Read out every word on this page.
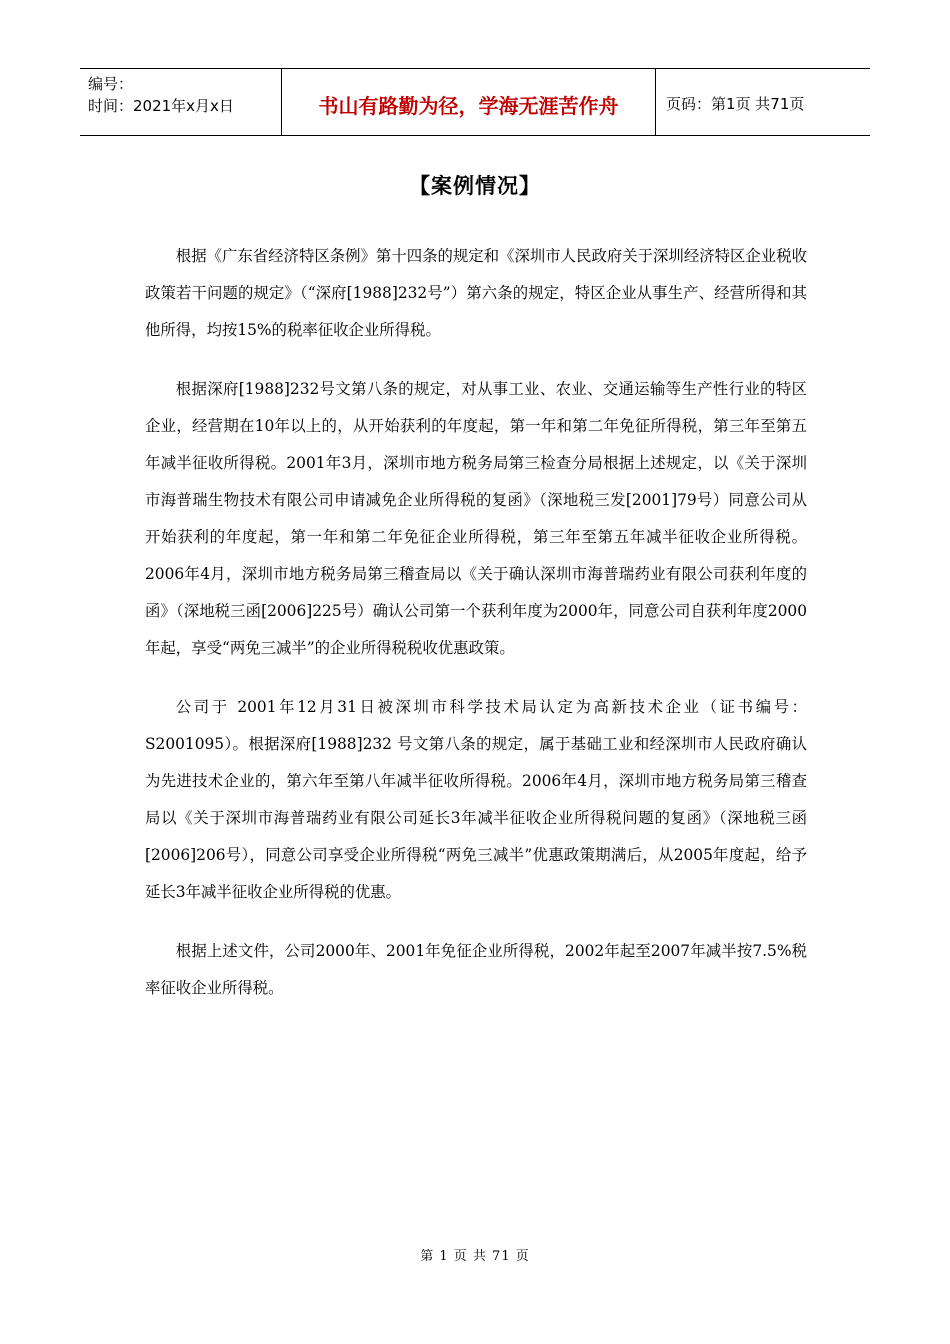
编号：
时间：2021年x月x日	书山有路勤为径，学海无涯苦作舟	页码：第1页 共71页
【案例情况】

根据《广东省经济特区条例》第十四条的规定和《深圳市人民政府关于深圳经济特区企业税收政策若干问题的规定》（“深府[1988]232号”）第六条的规定，特区企业从事生产、经营所得和其他所得，均按15%的税率征收企业所得税。

根据深府[1988]232号文第八条的规定，对从事工业、农业、交通运输等生产性行业的特区企业，经营期在10年以上的，从开始获利的年度起，第一年和第二年免征所得税，第三年至第五年减半征收所得税。2001年3月，深圳市地方税务局第三检查分局根据上述规定，以《关于深圳市海普瑞生物技术有限公司申请减免企业所得税的复函》（深地税三发[2001]79号）同意公司从开始获利的年度起，第一年和第二年免征企业所得税，第三年至第五年减半征收企业所得税。2006年4月，深圳市地方税务局第三稽查局以《关于确认深圳市海普瑞药业有限公司获利年度的函》（深地税三函[2006]225号）确认公司第一个获利年度为2000年，同意公司自获利年度2000年起，享受“两免三减半”的企业所得税税收优惠政策。

公司于 2001年12月31日被深圳市科学技术局认定为高新技术企业（证书编号：S2001095）。根据深府[1988]232 号文第八条的规定，属于基础工业和经深圳市人民政府确认为先进技术企业的，第六年至第八年减半征收所得税。2006年4月，深圳市地方税务局第三稽查局以《关于深圳市海普瑞药业有限公司延长3年减半征收企业所得税问题的复函》（深地税三函[2006]206号），同意公司享受企业所得税“两免三减半”优惠政策期满后，从2005年度起，给予延长3年减半征收企业所得税的优惠。

根据上述文件，公司2000年、2001年免征企业所得税，2002年起至2007年减半按7.5%税率征收企业所得税。

第 1 页 共 71 页
